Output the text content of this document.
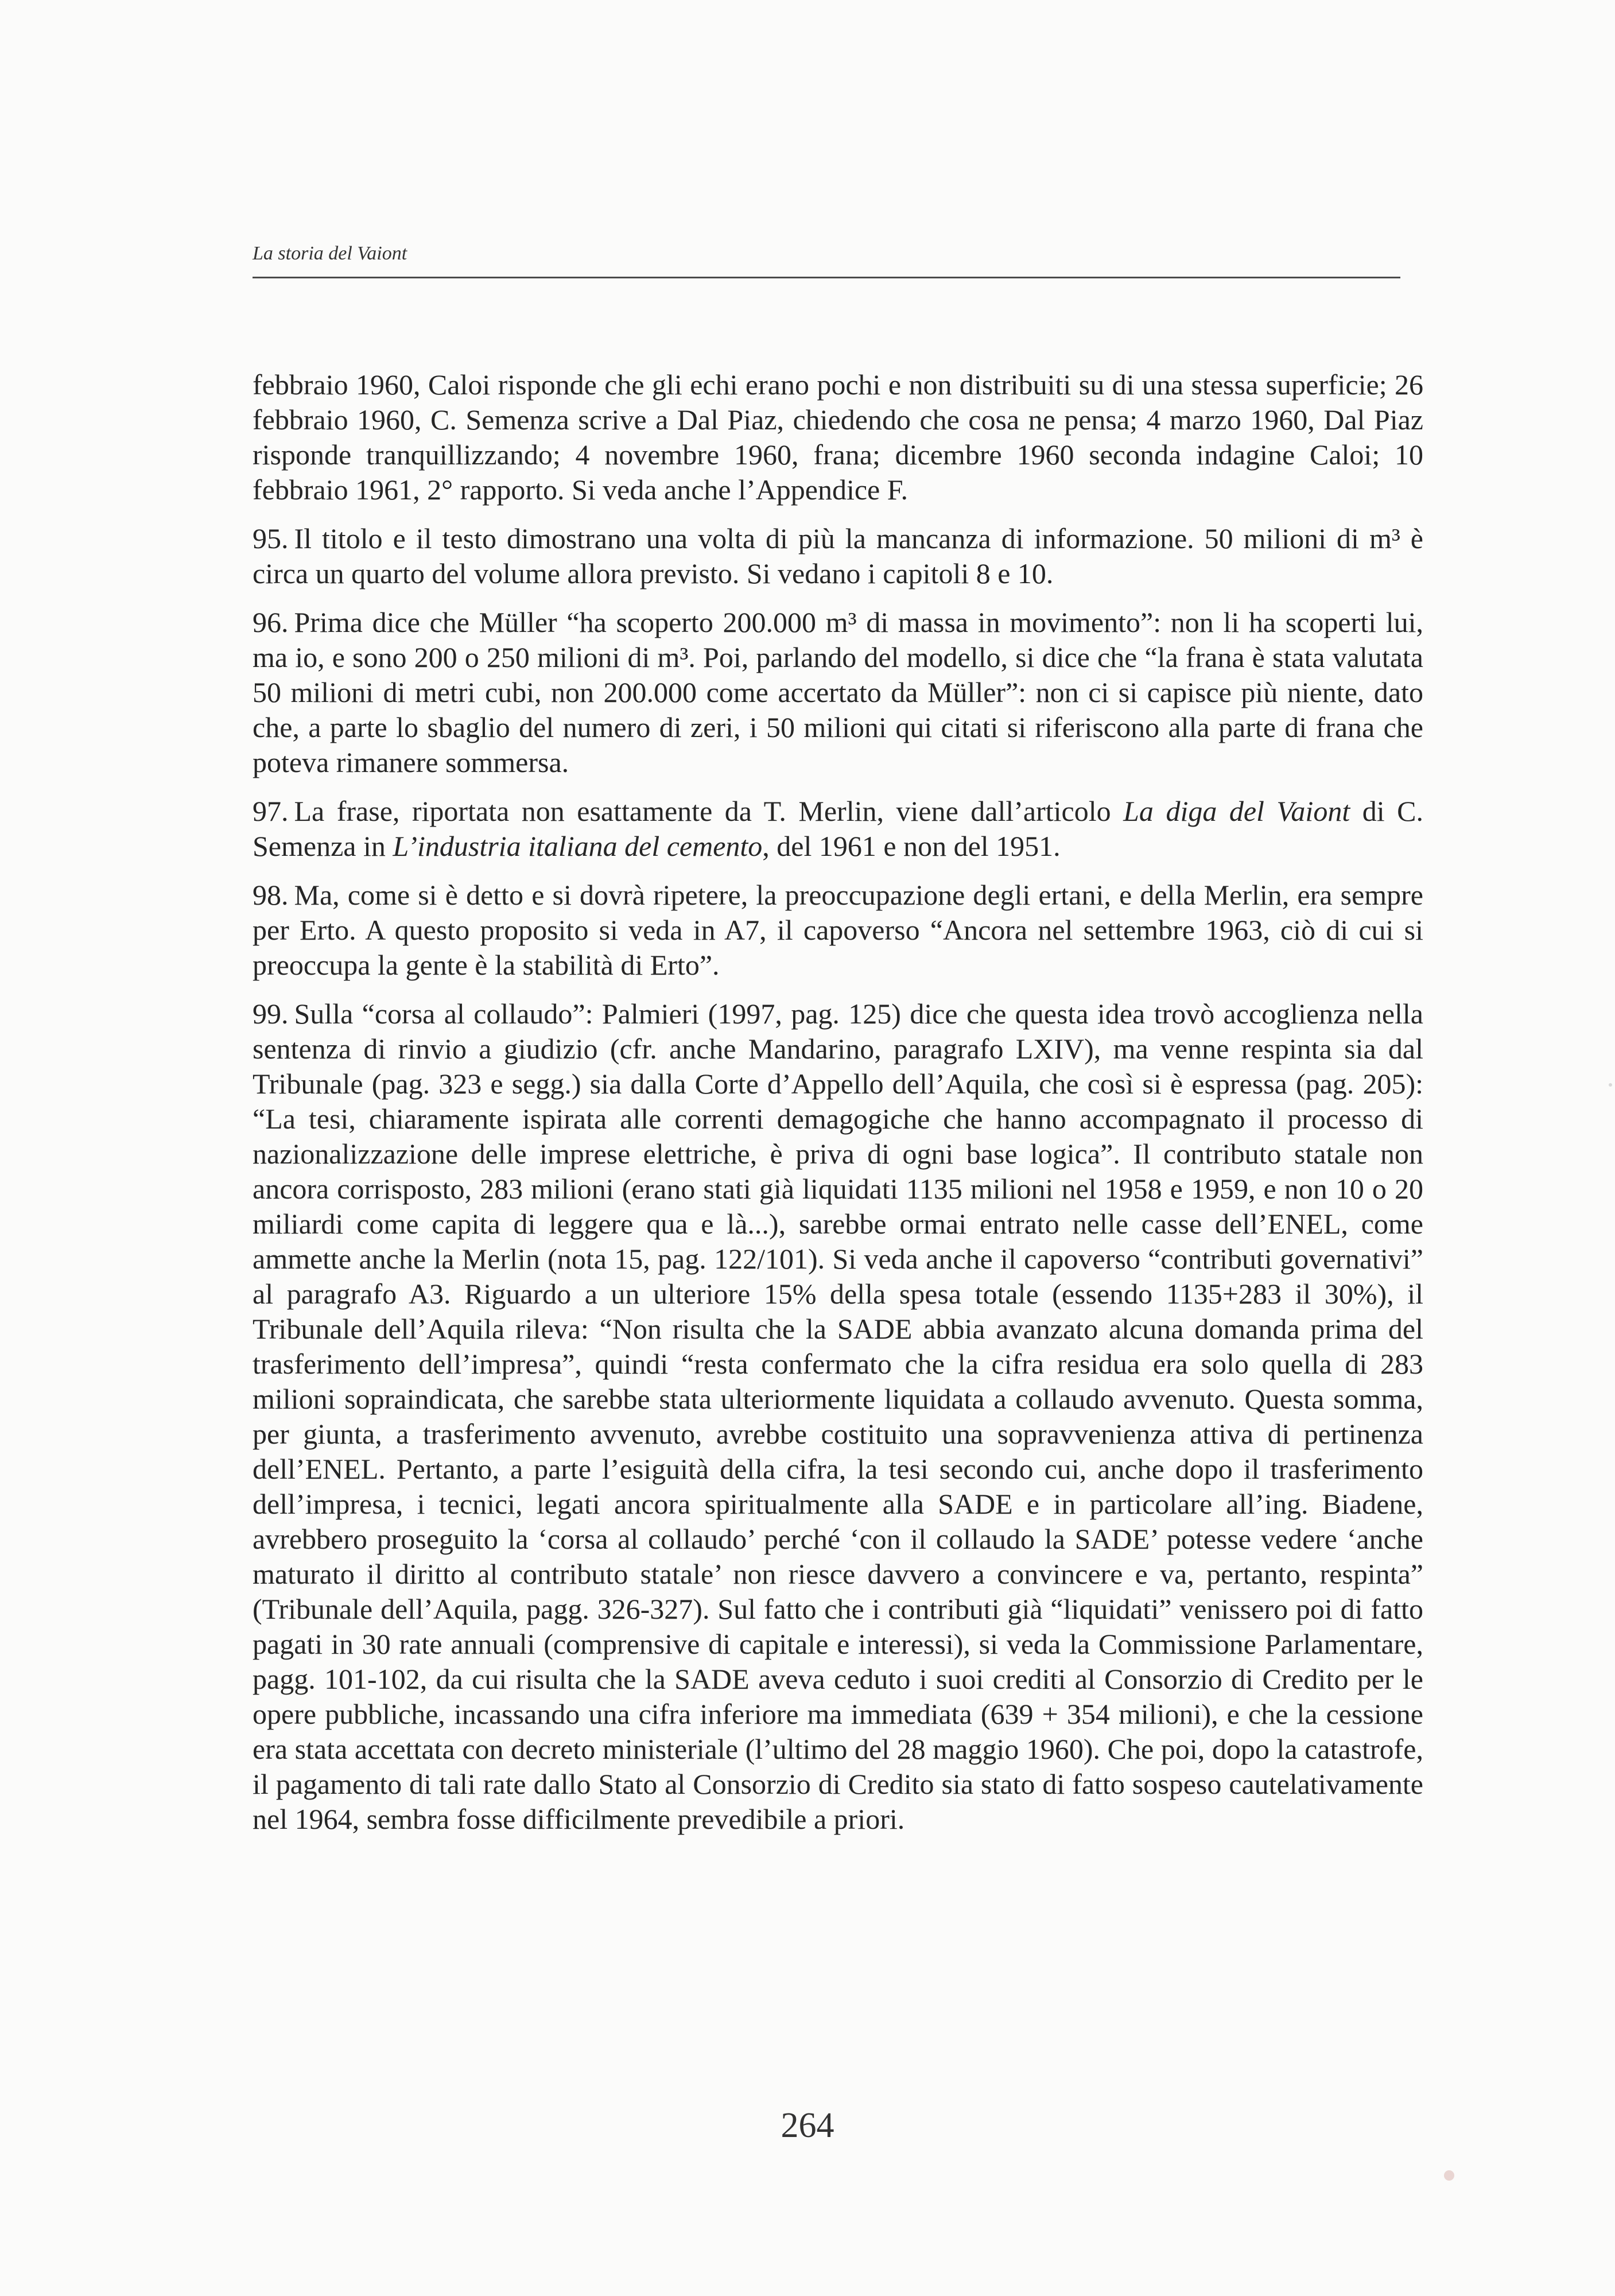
La storia del Vaiont

febbraio 1960, Caloi risponde che gli echi erano pochi e non distribuiti su di una stessa superficie; 26 febbraio 1960, C. Semenza scrive a Dal Piaz, chiedendo che cosa ne pensa; 4 marzo 1960, Dal Piaz risponde tranquillizzando; 4 novembre 1960, frana; dicembre 1960 seconda indagine Caloi; 10 febbraio 1961, 2° rapporto. Si veda anche l’Appendice F.

95. Il titolo e il testo dimostrano una volta di più la mancanza di informazione. 50 milioni di m³ è circa un quarto del volume allora previsto. Si vedano i capitoli 8 e 10.

96. Prima dice che Müller “ha scoperto 200.000 m³ di massa in movimento”: non li ha scoperti lui, ma io, e sono 200 o 250 milioni di m³. Poi, parlando del modello, si dice che “la frana è stata valutata 50 milioni di metri cubi, non 200.000 come accertato da Müller”: non ci si capisce più niente, dato che, a parte lo sbaglio del numero di zeri, i 50 milioni qui citati si riferiscono alla parte di frana che poteva rimanere sommersa.

97. La frase, riportata non esattamente da T. Merlin, viene dall’articolo La diga del Vaiont di C. Semenza in L’industria italiana del cemento, del 1961 e non del 1951.

98. Ma, come si è detto e si dovrà ripetere, la preoccupazione degli ertani, e della Merlin, era sempre per Erto. A questo proposito si veda in A7, il capoverso “Ancora nel settembre 1963, ciò di cui si preoccupa la gente è la stabilità di Erto”.

99. Sulla “corsa al collaudo”: Palmieri (1997, pag. 125) dice che questa idea trovò accoglienza nella sentenza di rinvio a giudizio (cfr. anche Mandarino, paragrafo LXIV), ma venne respinta sia dal Tribunale (pag. 323 e segg.) sia dalla Corte d’Appello dell’Aquila, che così si è espressa (pag. 205): “La tesi, chiaramente ispirata alle correnti demagogiche che hanno accompagnato il processo di nazionalizzazione delle imprese elettriche, è priva di ogni base logica”. Il contributo statale non ancora corrisposto, 283 milioni (erano stati già liquidati 1135 milioni nel 1958 e 1959, e non 10 o 20 miliardi come capita di leggere qua e là...), sarebbe ormai entrato nelle casse dell’ENEL, come ammette anche la Merlin (nota 15, pag. 122/101). Si veda anche il capoverso “contributi governativi” al paragrafo A3. Riguardo a un ulteriore 15% della spesa totale (essendo 1135+283 il 30%), il Tribunale dell’Aquila rileva: “Non risulta che la SADE abbia avanzato alcuna domanda prima del trasferimento dell’impresa”, quindi “resta confermato che la cifra residua era solo quella di 283 milioni sopraindicata, che sarebbe stata ulteriormente liquidata a collaudo avvenuto. Questa somma, per giunta, a trasferimento avvenuto, avrebbe costituito una sopravvenienza attiva di pertinenza dell’ENEL. Pertanto, a parte l’esiguità della cifra, la tesi secondo cui, anche dopo il trasferimento dell’impresa, i tecnici, legati ancora spiritualmente alla SADE e in particolare all’ing. Biadene, avrebbero proseguito la ‘corsa al collaudo’ perché ‘con il collaudo la SADE’ potesse vedere ‘anche maturato il diritto al contributo statale’ non riesce davvero a convincere e va, pertanto, respinta” (Tribunale dell’Aquila, pagg. 326-327). Sul fatto che i contributi già “liquidati” venissero poi di fatto pagati in 30 rate annuali (comprensive di capitale e interessi), si veda la Commissione Parlamentare, pagg. 101-102, da cui risulta che la SADE aveva ceduto i suoi crediti al Consorzio di Credito per le opere pubbliche, incassando una cifra inferiore ma immediata (639 + 354 milioni), e che la cessione era stata accettata con decreto ministeriale (l’ultimo del 28 maggio 1960). Che poi, dopo la catastrofe, il pagamento di tali rate dallo Stato al Consorzio di Credito sia stato di fatto sospeso cautelativamente nel 1964, sembra fosse difficilmente prevedibile a priori.

264
